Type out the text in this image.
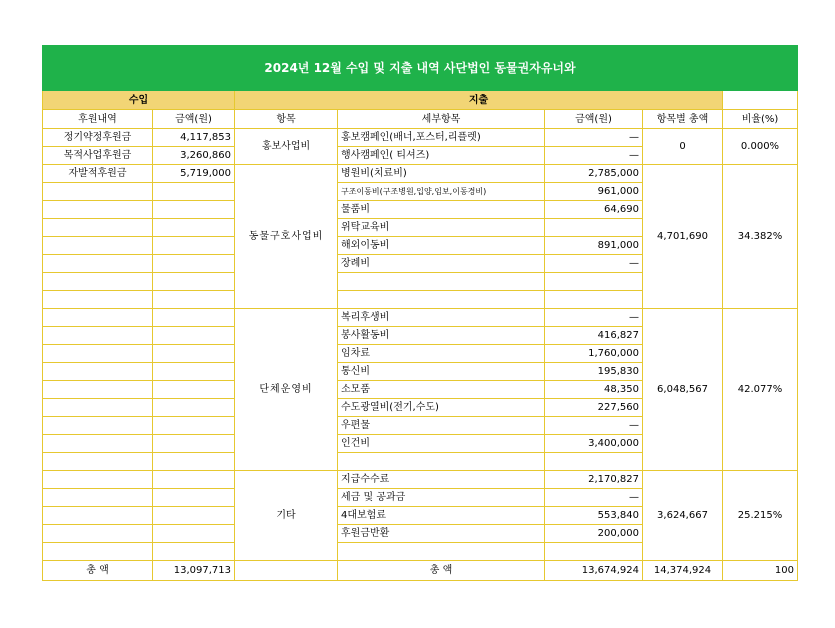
2024년 12월 수입 및 지출 내역 사단법인 동물권자유너와						
수입		지출				
후원내역	금액(원)	항목	세부항목	금액(원)	항목별 총액	비율(%)
정기약정후원금	4,117,853	홍보사업비	홍보캠페인(배너,포스터,리플렛)	—	0	0.000%
목적사업후원금	3,260,860		행사캠페인( 티셔즈)	—		
자발적후원금	5,719,000	동물구호사업비	병원비(치료비)	2,785,000	4,701,690	34.382%
			구조이동비(구조병원,입양,임보,이동경비)	961,000		
			물품비	64,690		
			위탁교육비			
			해외이동비	891,000		
			장례비	—		

		단체운영비	복리후생비	—	6,048,567	42.077%
			봉사활동비	416,827		
			임차료	1,760,000		
			통신비	195,830		
			소모품	48,350		
			수도광열비(전기,수도)	227,560		
			우편물	—		
			인건비	3,400,000		

		기타	지급수수료	2,170,827	3,624,667	25.215%
			세금 및 공과금	—		
			4대보험료	553,840		
			후원금반환	200,000		

총 액	13,097,713		총 액	13,674,924	14,374,924	100
